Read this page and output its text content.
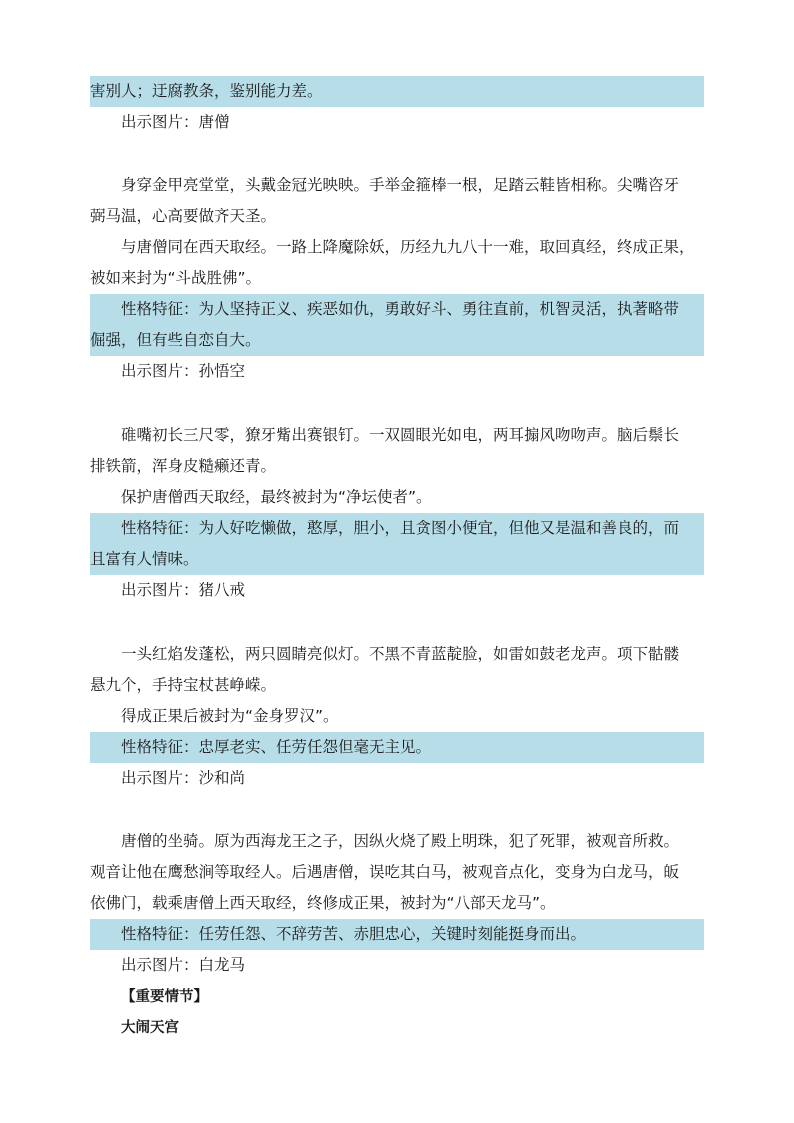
害别人；迂腐教条，鉴别能力差。
出示图片：唐僧
身穿金甲亮堂堂，头戴金冠光映映。手举金箍棒一根，足踏云鞋皆相称。尖嘴咨牙
弼马温，心高要做齐天圣。
与唐僧同在西天取经。一路上降魔除妖，历经九九八十一难，取回真经，终成正果，
被如来封为“斗战胜佛”。
性格特征：为人坚持正义、疾恶如仇，勇敢好斗、勇往直前，机智灵活，执著略带
倔强，但有些自恋自大。
出示图片：孙悟空
碓嘴初长三尺零，獠牙觜出赛银钉。一双圆眼光如电，两耳搧风吻吻声。脑后鬃长
排铁箭，浑身皮糙癞还青。
保护唐僧西天取经，最终被封为“净坛使者”。
性格特征：为人好吃懒做，憨厚，胆小，且贪图小便宜，但他又是温和善良的，而
且富有人情味。
出示图片：猪八戒
一头红焰发蓬松，两只圆睛亮似灯。不黑不青蓝靛脸，如雷如鼓老龙声。项下骷髅
悬九个，手持宝杖甚峥嵘。
得成正果后被封为“金身罗汉”。
性格特征：忠厚老实、任劳任怨但毫无主见。
出示图片：沙和尚
唐僧的坐骑。原为西海龙王之子，因纵火烧了殿上明珠，犯了死罪，被观音所救。
观音让他在鹰愁涧等取经人。后遇唐僧，误吃其白马，被观音点化，变身为白龙马，皈
依佛门，载乘唐僧上西天取经，终修成正果，被封为“八部天龙马”。
性格特征：任劳任怨、不辞劳苦、赤胆忠心，关键时刻能挺身而出。
出示图片：白龙马
【重要情节】
大闹天宫
